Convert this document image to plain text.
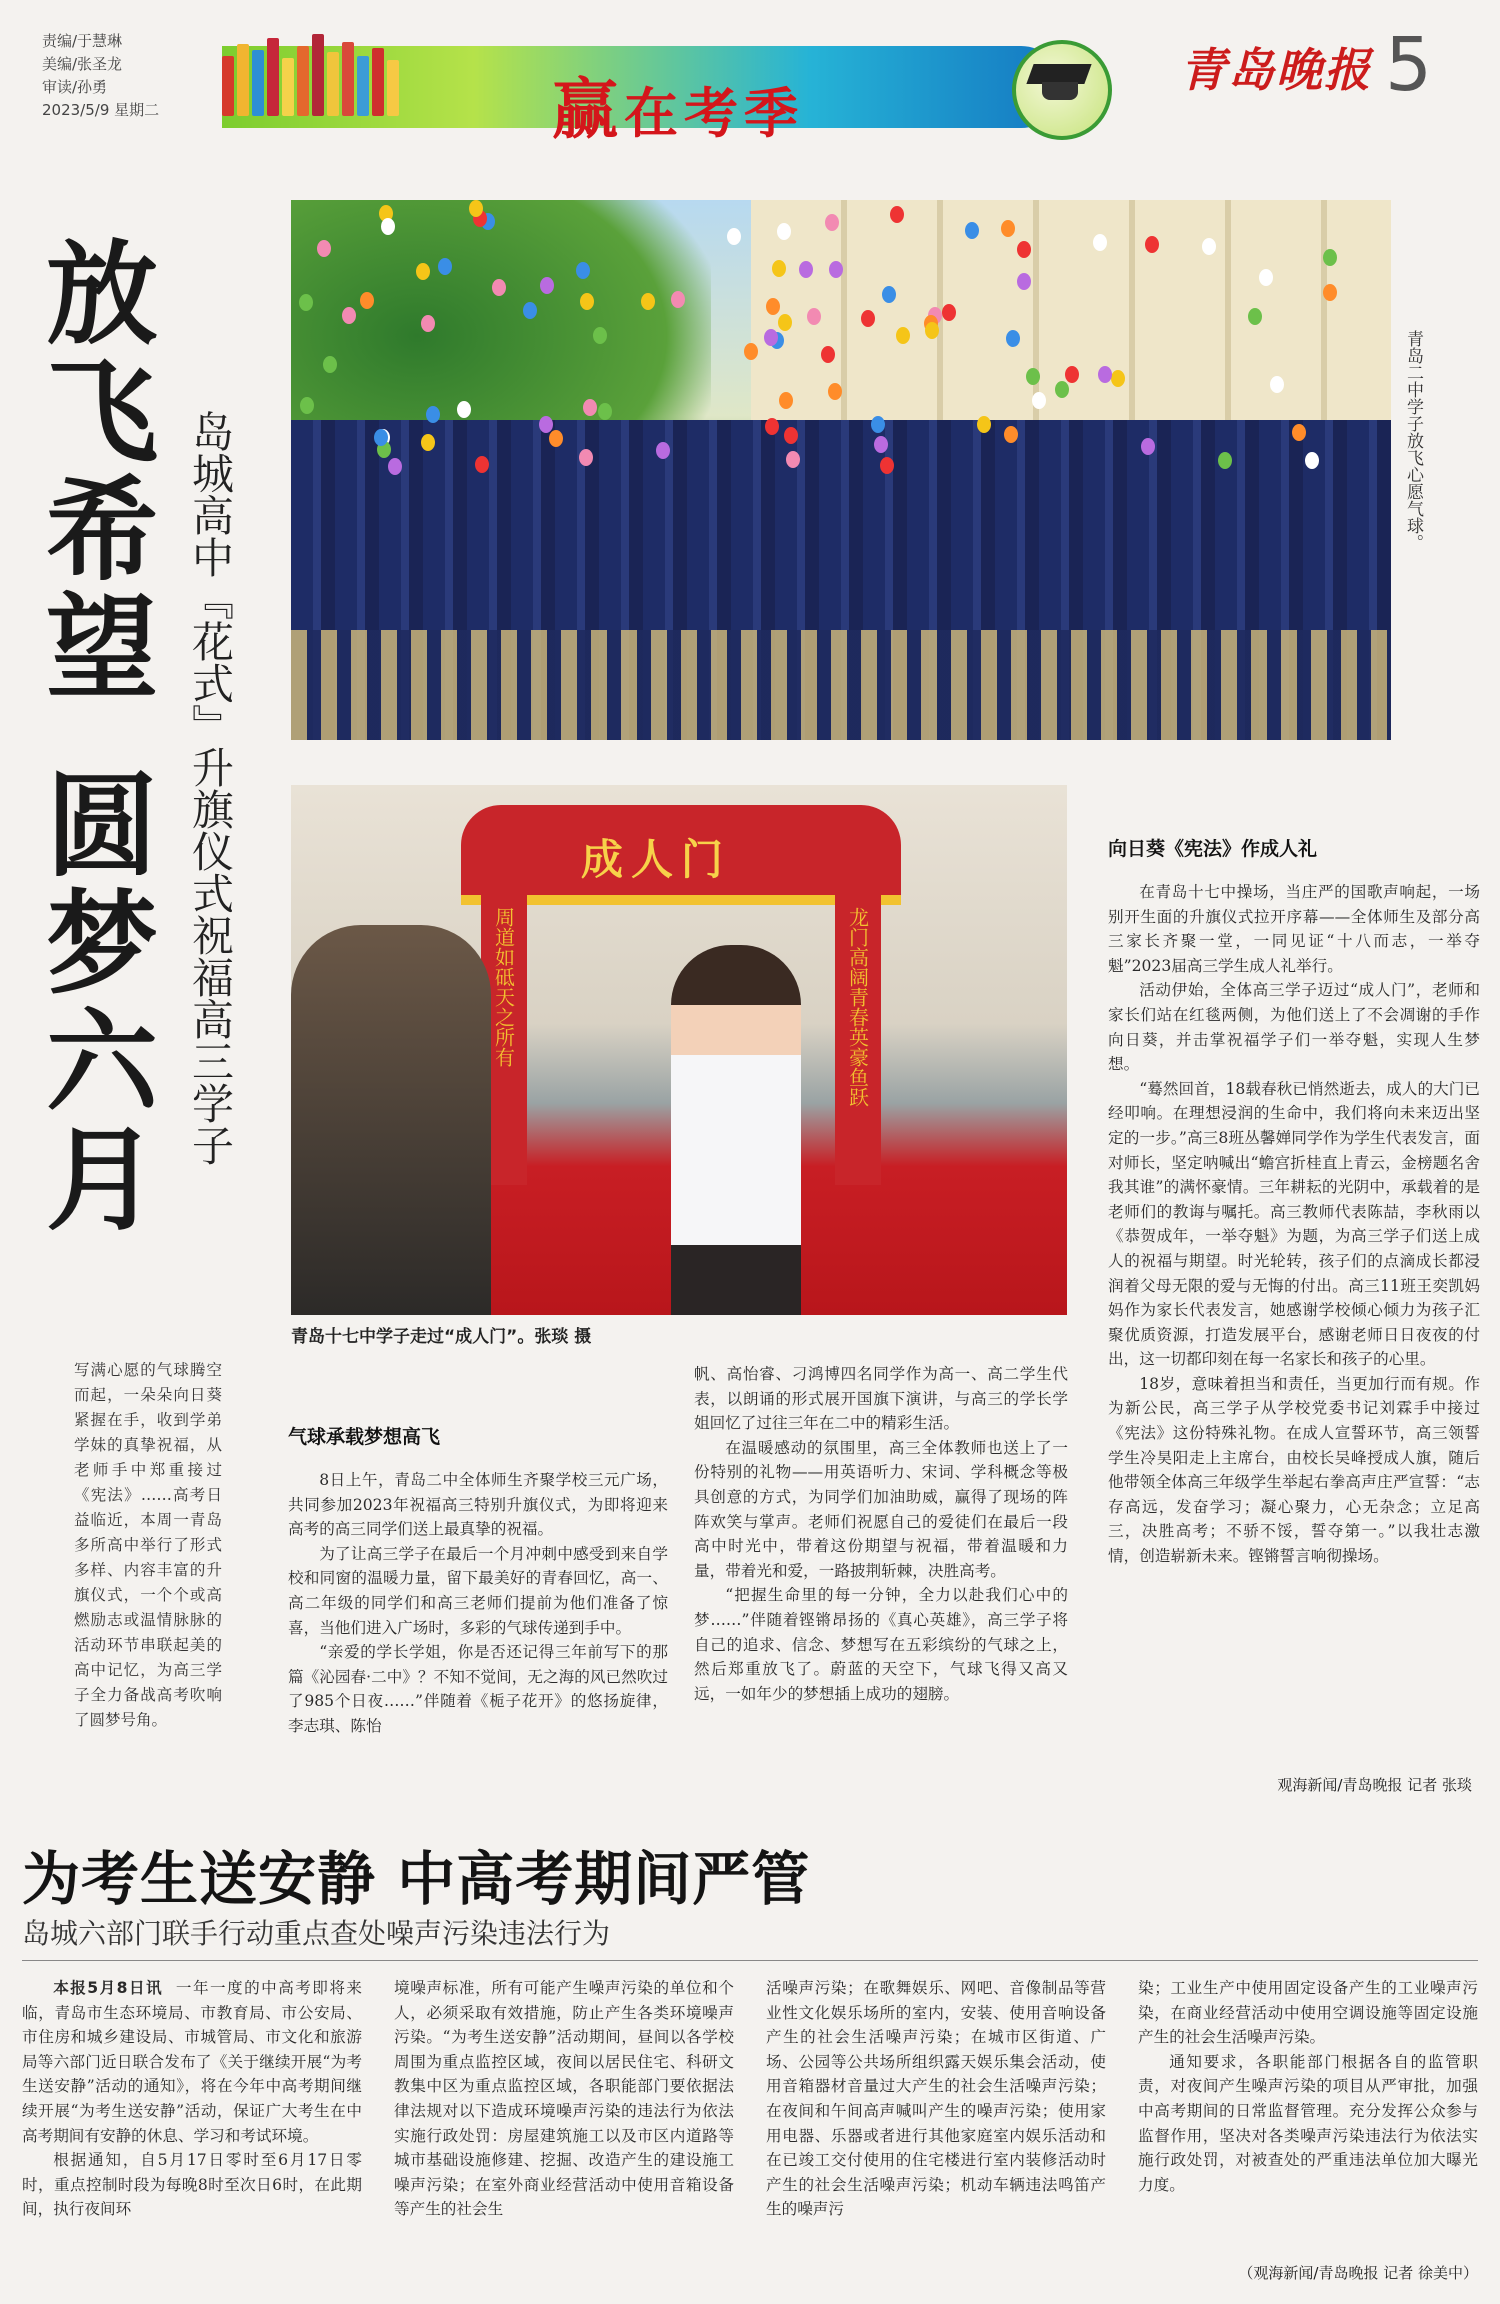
责编/于慧琳
美编/张圣龙
审读/孙勇
2023/5/9 星期二	赢在考季
青岛晚报 5
放
飞
希
望
圆
梦
六
月
岛城高中『花式』升旗仪式祝福高三学子	青岛二中学子放飞心愿气球。
成人门
周道如砥天之所有	龙门高阔青春英豪鱼跃
青岛十七中学子走过“成人门”。张琰 摄
写满心愿的气球腾空而起，一朵朵向日葵紧握在手，收到学弟学妹的真挚祝福，从老师手中郑重接过《宪法》……高考日益临近，本周一青岛多所高中举行了形式多样、内容丰富的升旗仪式，一个个或高燃励志或温情脉脉的活动环节串联起美的高中记忆，为高三学子全力备战高考吹响了圆梦号角。
气球承载梦想高飞

8日上午，青岛二中全体师生齐聚学校三元广场，共同参加2023年祝福高三特别升旗仪式，为即将迎来高考的高三同学们送上最真挚的祝福。

为了让高三学子在最后一个月冲刺中感受到来自学校和同窗的温暖力量，留下最美好的青春回忆，高一、高二年级的同学们和高三老师们提前为他们准备了惊喜，当他们进入广场时，多彩的气球传递到手中。

“亲爱的学长学姐，你是否还记得三年前写下的那篇《沁园春·二中》？不知不觉间，无之海的风已然吹过了985个日夜……”伴随着《栀子花开》的悠扬旋律，李志琪、陈怡

帆、高怡睿、刁鸿博四名同学作为高一、高二学生代表，以朗诵的形式展开国旗下演讲，与高三的学长学姐回忆了过往三年在二中的精彩生活。

在温暖感动的氛围里，高三全体教师也送上了一份特别的礼物——用英语听力、宋词、学科概念等极具创意的方式，为同学们加油助威，赢得了现场的阵阵欢笑与掌声。老师们祝愿自己的爱徒们在最后一段高中时光中，带着这份期望与祝福，带着温暖和力量，带着光和爱，一路披荆斩棘，决胜高考。

“把握生命里的每一分钟，全力以赴我们心中的梦……”伴随着铿锵昂扬的《真心英雄》，高三学子将自己的追求、信念、梦想写在五彩缤纷的气球之上，然后郑重放飞了。蔚蓝的天空下，气球飞得又高又远，一如年少的梦想插上成功的翅膀。

向日葵《宪法》作成人礼

在青岛十七中操场，当庄严的国歌声响起，一场别开生面的升旗仪式拉开序幕——全体师生及部分高三家长齐聚一堂，一同见证“十八而志，一举夺魁”2023届高三学生成人礼举行。

活动伊始，全体高三学子迈过“成人门”，老师和家长们站在红毯两侧，为他们送上了不会凋谢的手作向日葵，并击掌祝福学子们一举夺魁，实现人生梦想。

“蓦然回首，18载春秋已悄然逝去，成人的大门已经叩响。在理想浸润的生命中，我们将向未来迈出坚定的一步。”高三8班丛馨婵同学作为学生代表发言，面对师长，坚定呐喊出“蟾宫折桂直上青云，金榜题名舍我其谁”的满怀豪情。三年耕耘的光阴中，承载着的是老师们的教诲与嘱托。高三教师代表陈喆，李秋雨以《恭贺成年，一举夺魁》为题，为高三学子们送上成人的祝福与期望。时光轮转，孩子们的点滴成长都浸润着父母无限的爱与无悔的付出。高三11班王奕凯妈妈作为家长代表发言，她感谢学校倾心倾力为孩子汇聚优质资源，打造发展平台，感谢老师日日夜夜的付出，这一切都印刻在每一名家长和孩子的心里。

18岁，意味着担当和责任，当更加行而有规。作为新公民，高三学子从学校党委书记刘霖手中接过《宪法》这份特殊礼物。在成人宣誓环节，高三领誓学生冷昊阳走上主席台，由校长吴峰授成人旗，随后他带领全体高三年级学生举起右拳高声庄严宣誓：“志存高远，发奋学习；凝心聚力，心无杂念；立足高三，决胜高考；不骄不馁，誓夺第一。”以我壮志激情，创造崭新未来。铿锵誓言响彻操场。

观海新闻/青岛晚报 记者 张琰
为考生送安静 中高考期间严管
岛城六部门联手行动重点查处噪声污染违法行为

本报5月8日讯 一年一度的中高考即将来临，青岛市生态环境局、市教育局、市公安局、市住房和城乡建设局、市城管局、市文化和旅游局等六部门近日联合发布了《关于继续开展“为考生送安静”活动的通知》，将在今年中高考期间继续开展“为考生送安静”活动，保证广大考生在中高考期间有安静的休息、学习和考试环境。

根据通知，自5月17日零时至6月17日零时，重点控制时段为每晚8时至次日6时，在此期间，执行夜间环

境噪声标准，所有可能产生噪声污染的单位和个人，必须采取有效措施，防止产生各类环境噪声污染。“为考生送安静”活动期间，昼间以各学校周围为重点监控区域，夜间以居民住宅、科研文教集中区为重点监控区域，各职能部门要依据法律法规对以下造成环境噪声污染的违法行为依法实施行政处罚：房屋建筑施工以及市区内道路等城市基础设施修建、挖掘、改造产生的建设施工噪声污染；在室外商业经营活动中使用音箱设备等产生的社会生

活噪声污染；在歌舞娱乐、网吧、音像制品等营业性文化娱乐场所的室内，安装、使用音响设备产生的社会生活噪声污染；在城市区街道、广场、公园等公共场所组织露天娱乐集会活动，使用音箱器材音量过大产生的社会生活噪声污染；在夜间和午间高声喊叫产生的噪声污染；使用家用电器、乐器或者进行其他家庭室内娱乐活动和在已竣工交付使用的住宅楼进行室内装修活动时产生的社会生活噪声污染；机动车辆违法鸣笛产生的噪声污

染；工业生产中使用固定设备产生的工业噪声污染，在商业经营活动中使用空调设施等固定设施产生的社会生活噪声污染。

通知要求，各职能部门根据各自的监管职责，对夜间产生噪声污染的项目从严审批，加强中高考期间的日常监督管理。充分发挥公众参与监督作用，坚决对各类噪声污染违法行为依法实施行政处罚，对被查处的严重违法单位加大曝光力度。

（观海新闻/青岛晚报 记者 徐美中）
